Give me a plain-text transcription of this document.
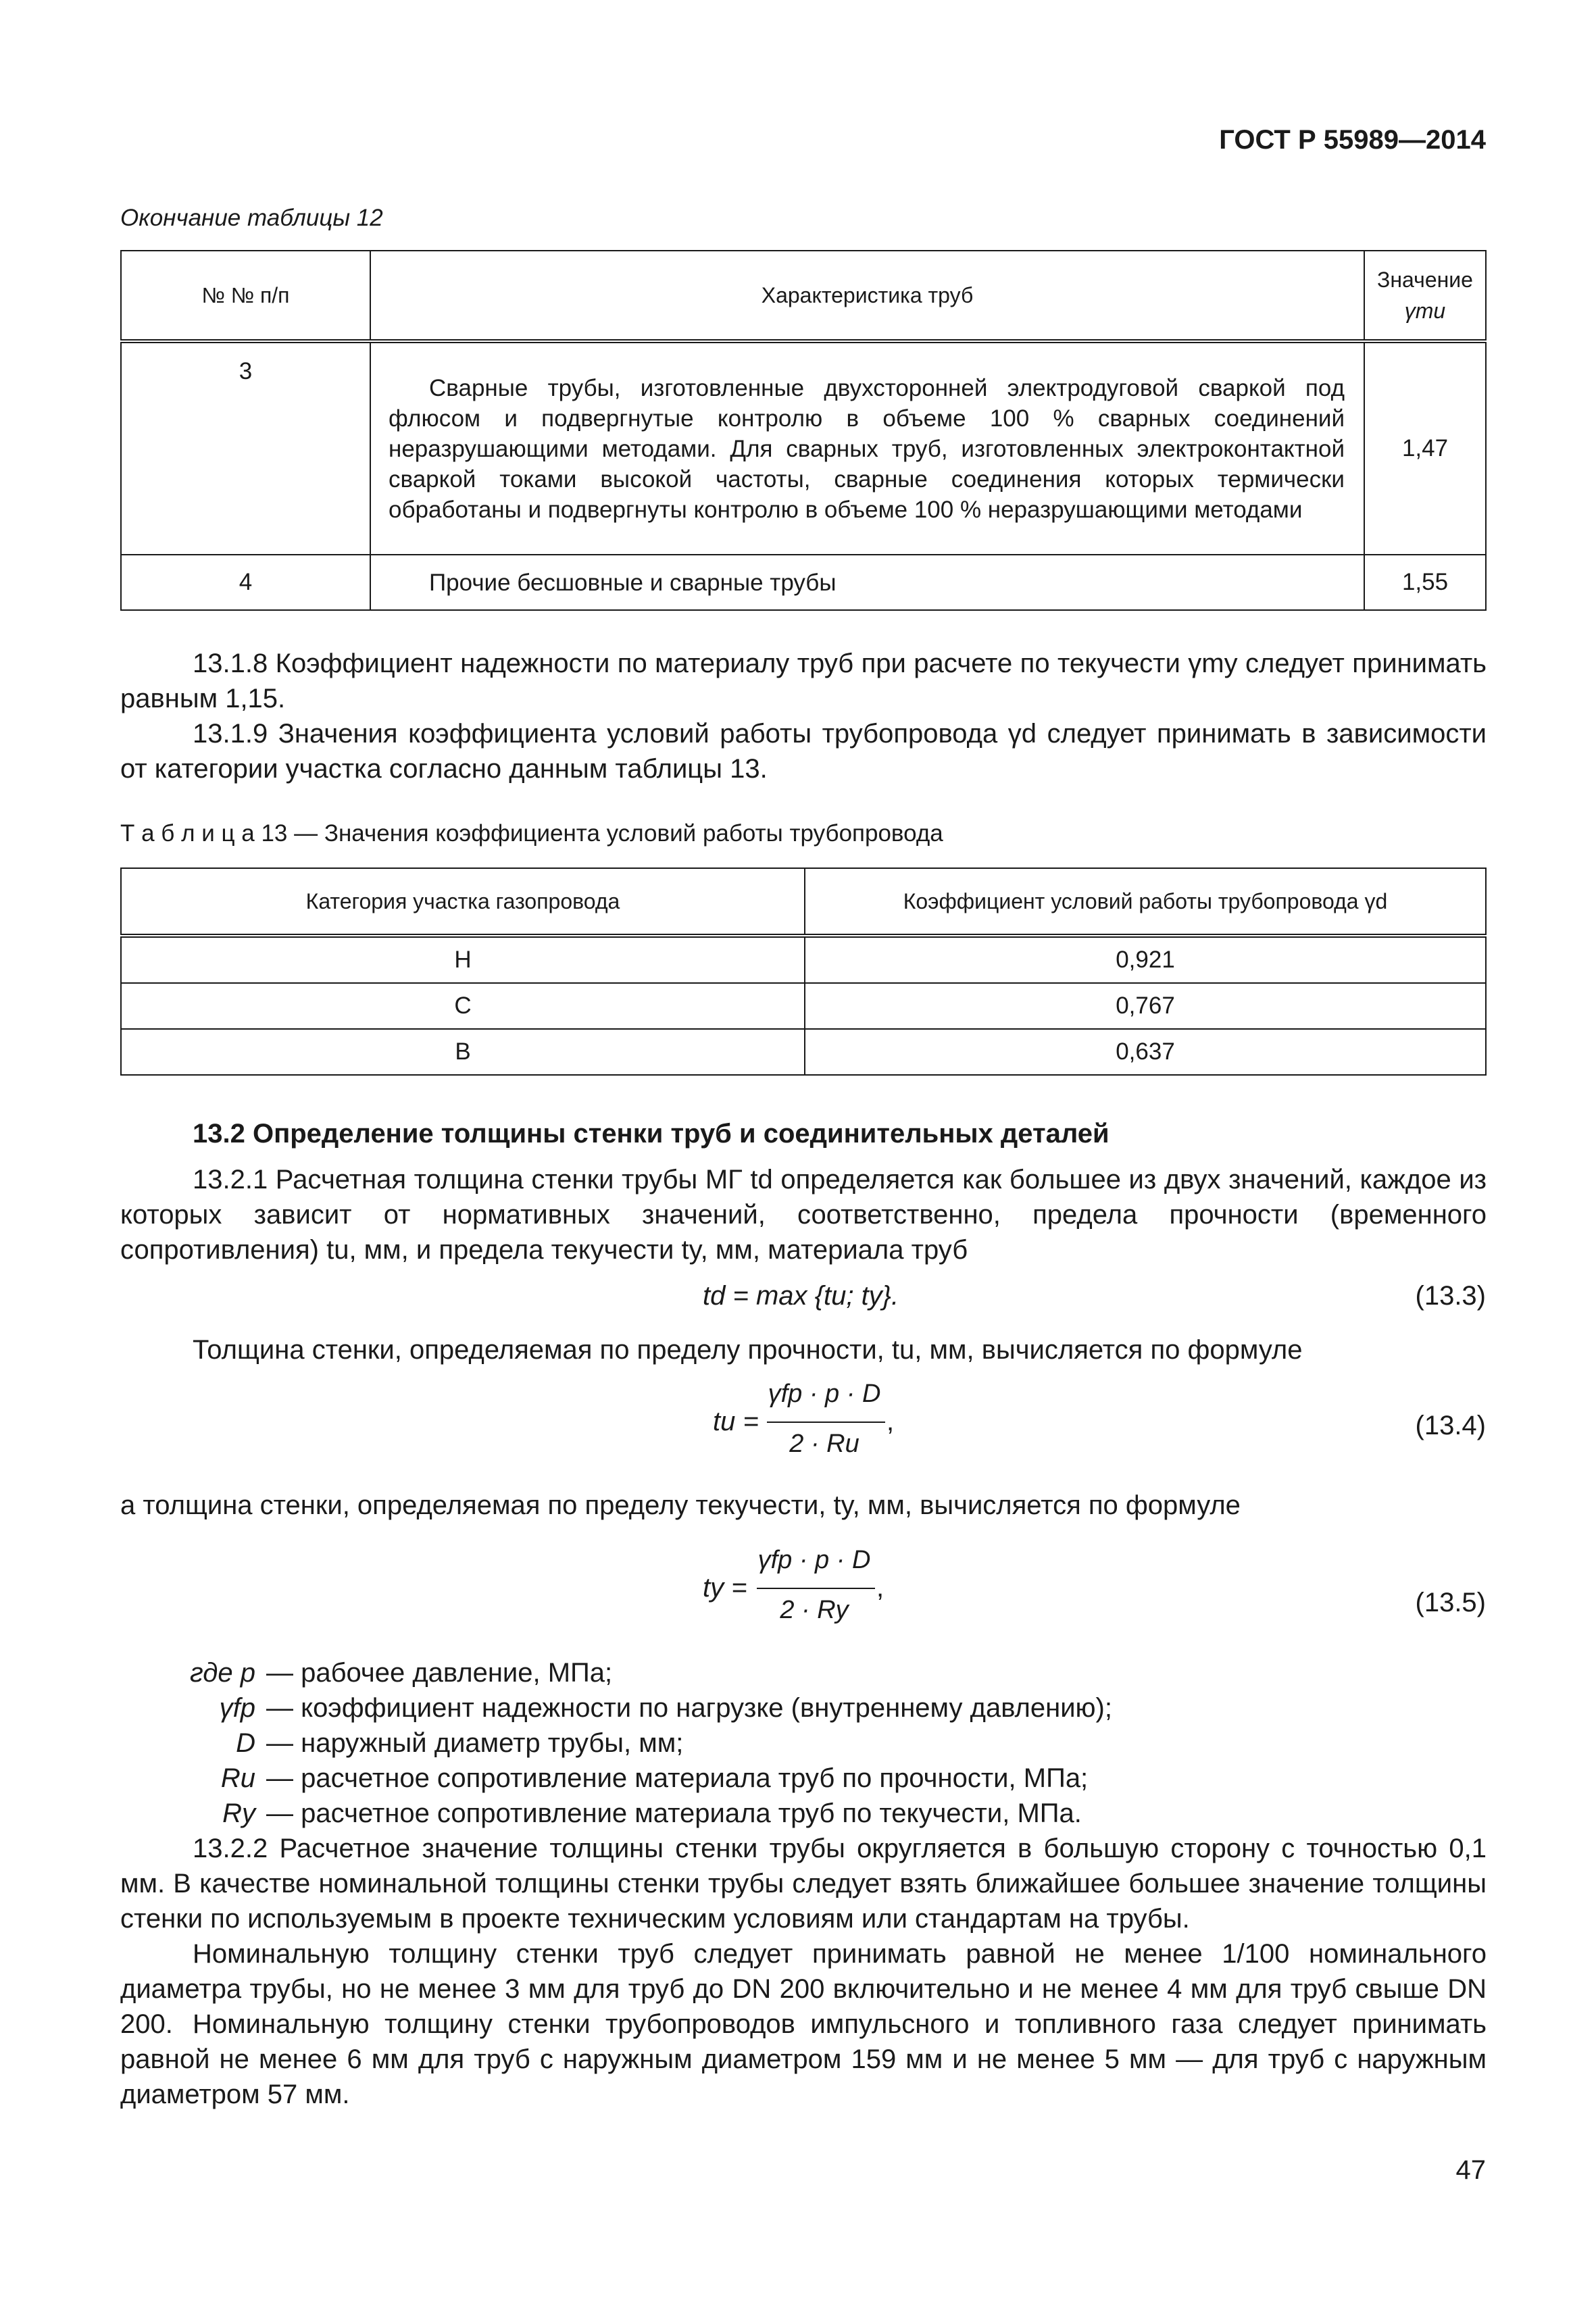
ГОСТ Р 55989—2014
Окончание таблицы 12
№ № п/п	Характеристика труб	Значение
γmu
3	Сварные трубы, изготовленные двухсторонней электродуговой сваркой под флюсом и подвергнутые контролю в объеме 100 % сварных соединений неразрушающими методами. Для сварных труб, изготовленных электроконтактной сваркой токами высокой частоты, сварные соединения которых термически обработаны и подвергнуты контролю в объеме 100 % неразрушающими методами	1,47
4	Прочие бесшовные и сварные трубы	1,55
13.1.8 Коэффициент надежности по материалу труб при расчете по текучести γmy следует принимать равным 1,15.
13.1.9 Значения коэффициента условий работы трубопровода γd следует принимать в зависимости от категории участка согласно данным таблицы 13.
Т а б л и ц а 13 — Значения коэффициента условий работы трубопровода
Категория участка газопровода	Коэффициент условий работы трубопровода γd
Н	0,921
С	0,767
В	0,637
13.2 Определение толщины стенки труб и соединительных деталей
13.2.1 Расчетная толщина стенки трубы МГ td определяется как большее из двух значений, каждое из которых зависит от нормативных значений, соответственно, предела прочности (временного сопротивления) tu, мм, и предела текучести ty, мм, материала труб
td = max {tu; ty}.	(13.3)
Толщина стенки, определяемая по пределу прочности, tu, мм, вычисляется по формуле
tu =
γfp · p · D
2 · Ru
,	(13.4)
а толщина стенки, определяемая по пределу текучести, ty, мм, вычисляется по формуле
ty =
γfp · p · D
2 · Ry
,	(13.5)
где p — рабочее давление, МПа;
γfp — коэффициент надежности по нагрузке (внутреннему давлению);
D — наружный диаметр трубы, мм;
Ru — расчетное сопротивление материала труб по прочности, МПа;
Ry — расчетное сопротивление материала труб по текучести, МПа.
13.2.2 Расчетное значение толщины стенки трубы округляется в большую сторону с точностью 0,1 мм. В качестве номинальной толщины стенки трубы следует взять ближайшее большее значение толщины стенки по используемым в проекте техническим условиям или стандартам на трубы.
Номинальную толщину стенки труб следует принимать равной не менее 1/100 номинального диаметра трубы, но не менее 3 мм для труб до DN 200 включительно и не менее 4 мм для труб свыше DN 200. Номинальную толщину стенки трубопроводов импульсного и топливного газа следует принимать равной не менее 6 мм для труб с наружным диаметром 159 мм и не менее 5 мм — для труб с наружным диаметром 57 мм.
47
